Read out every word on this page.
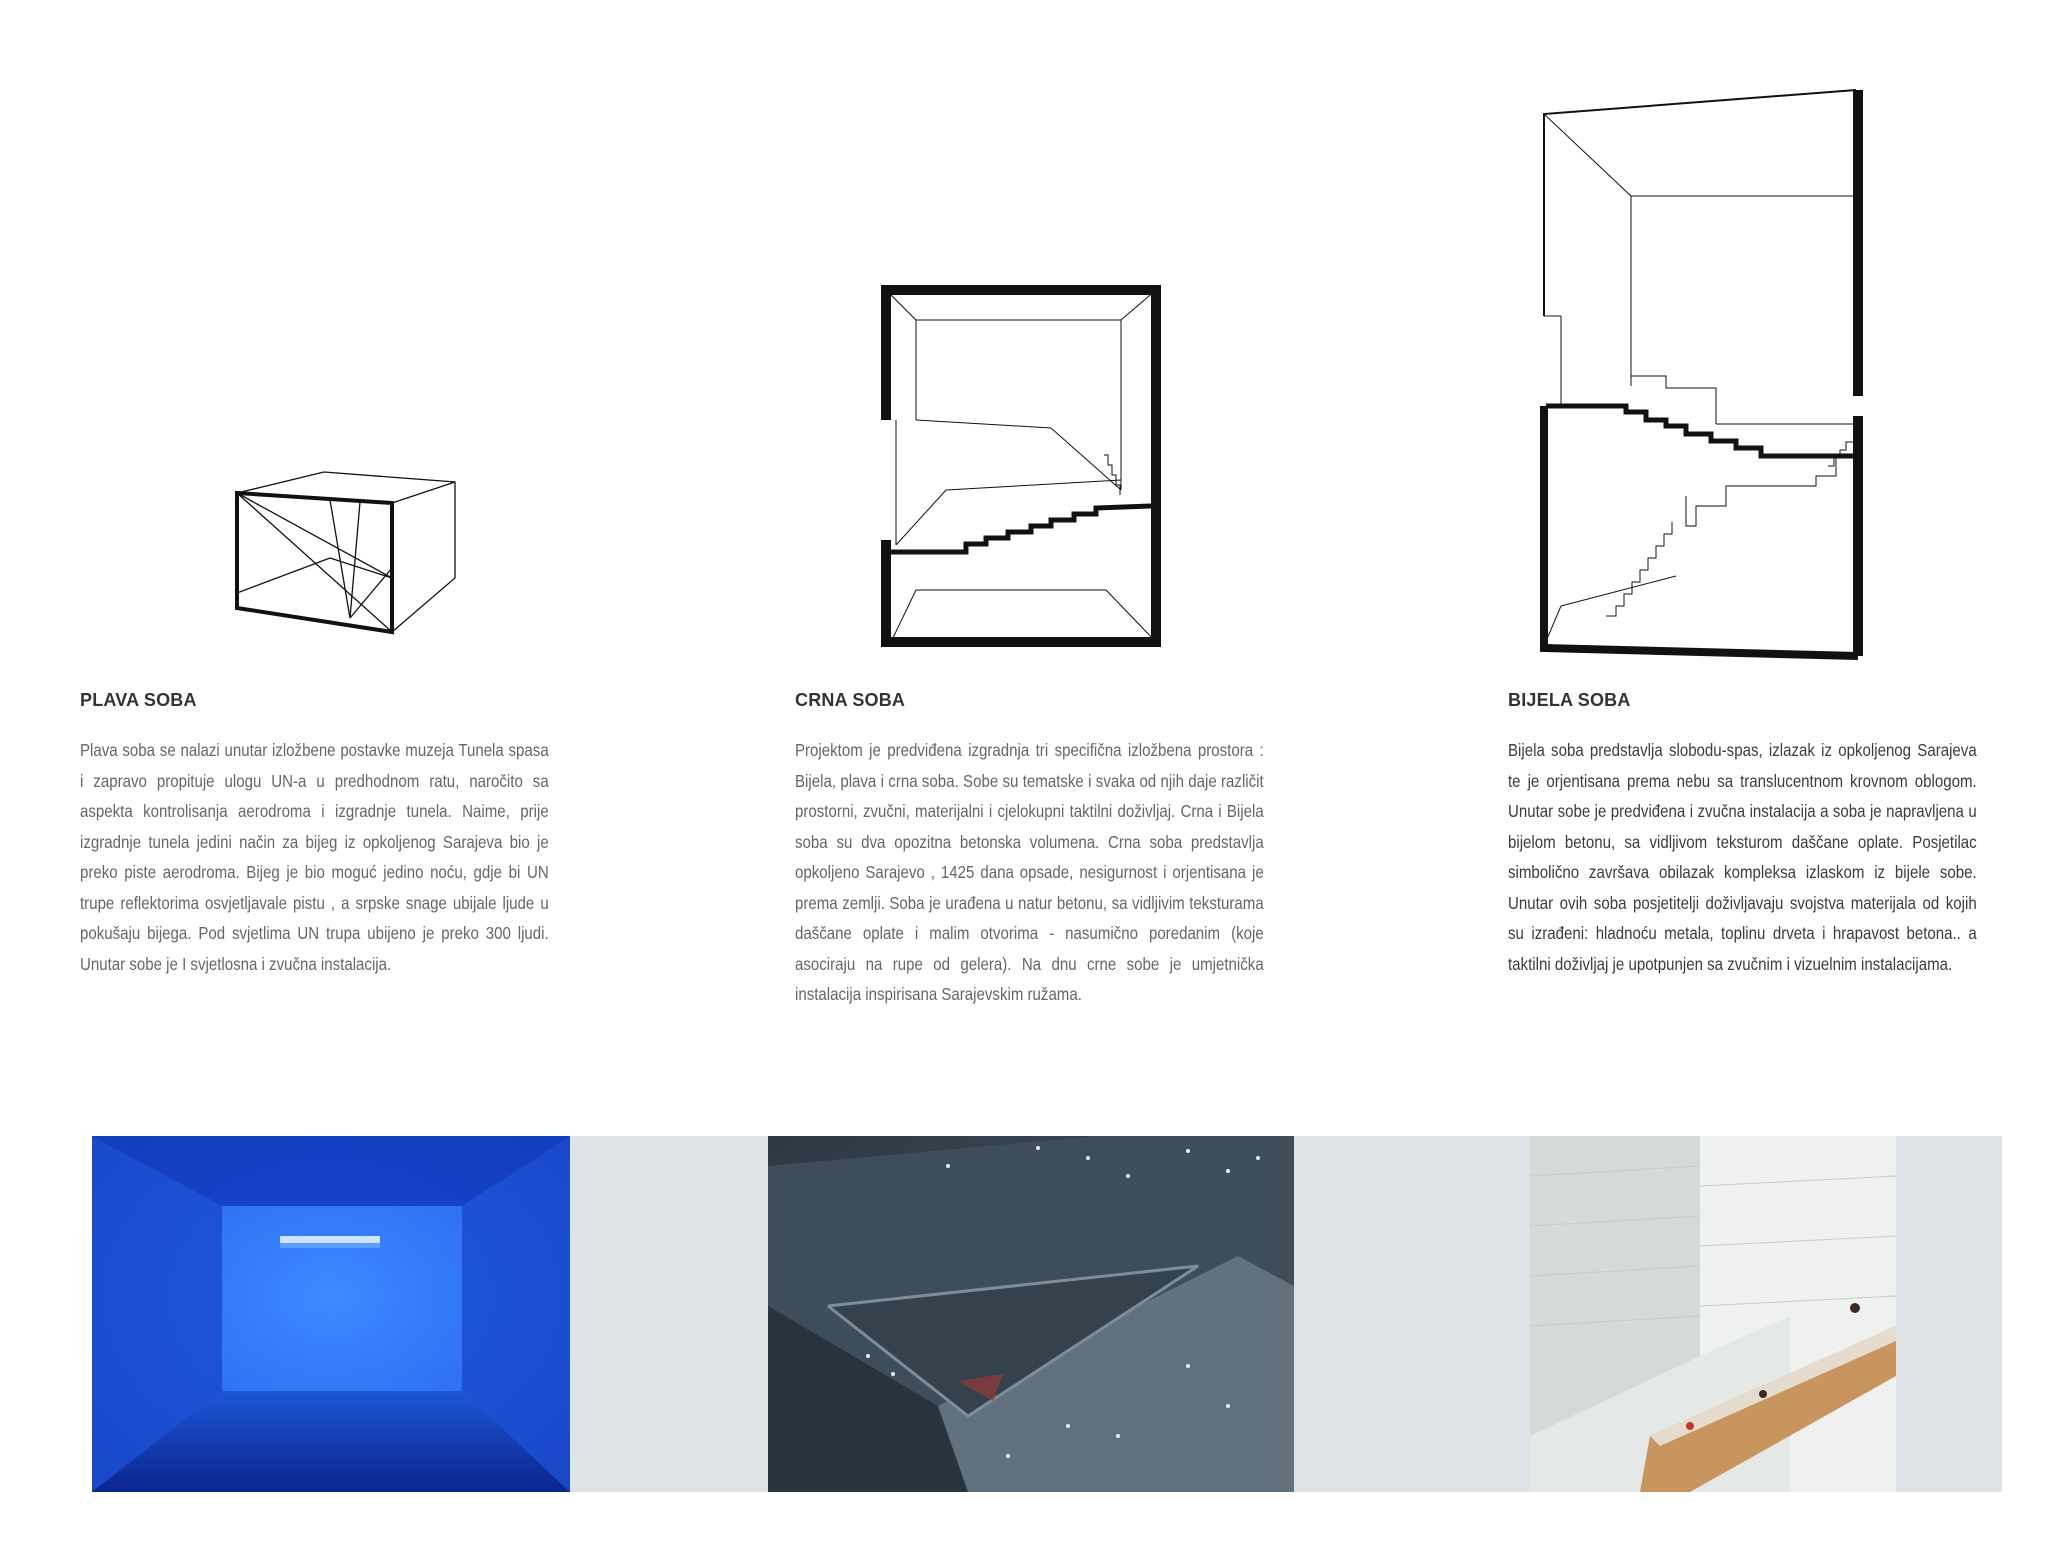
PLAVA SOBA

Plava soba se nalazi unutar izložbene postavke muzeja Tunela spasa i zapravo propituje ulogu UN-a u predhodnom ratu, naročito sa aspekta kontrolisanja aerodroma i izgradnje tunela. Naime, prije izgradnje tunela jedini način za bijeg iz opkoljenog Sarajeva bio je preko piste aerodroma. Bijeg je bio moguć jedino noću, gdje bi UN trupe reflektorima osvjetljavale pistu , a srpske snage ubijale ljude u pokušaju bijega. Pod svjetlima UN trupa ubijeno je preko 300 ljudi. Unutar sobe je I svjetlosna i zvučna instalacija.

CRNA SOBA

Projektom je predviđena izgradnja tri specifična izložbena prostora : Bijela, plava i crna soba. Sobe su tematske i svaka od njih daje različit prostorni, zvučni, materijalni i cjelokupni taktilni doživljaj. Crna i Bijela soba su dva opozitna betonska volumena. Crna soba predstavlja opkoljeno Sarajevo , 1425 dana opsade, nesigurnost i orjentisana je prema zemlji. Soba je urađena u natur betonu, sa vidljivim teksturama daščane oplate i malim otvorima - nasumično poredanim (koje asociraju na rupe od gelera). Na dnu crne sobe je umjetnička instalacija inspirisana Sarajevskim ružama.

BIJELA SOBA

Bijela soba predstavlja slobodu-spas, izlazak iz opkoljenog Sarajeva te je orjentisana prema nebu sa translucentnom krovnom oblogom. Unutar sobe je predviđena i zvučna instalacija a soba je napravljena u bijelom betonu, sa vidljivom teksturom daščane oplate. Posjetilac simbolično završava obilazak kompleksa izlaskom iz bijele sobe. Unutar ovih soba posjetitelji doživljavaju svojstva materijala od kojih su izrađeni: hladnoću metala, toplinu drveta i hrapavost betona.. a taktilni doživljaj je upotpunjen sa zvučnim i vizuelnim instalacijama.
